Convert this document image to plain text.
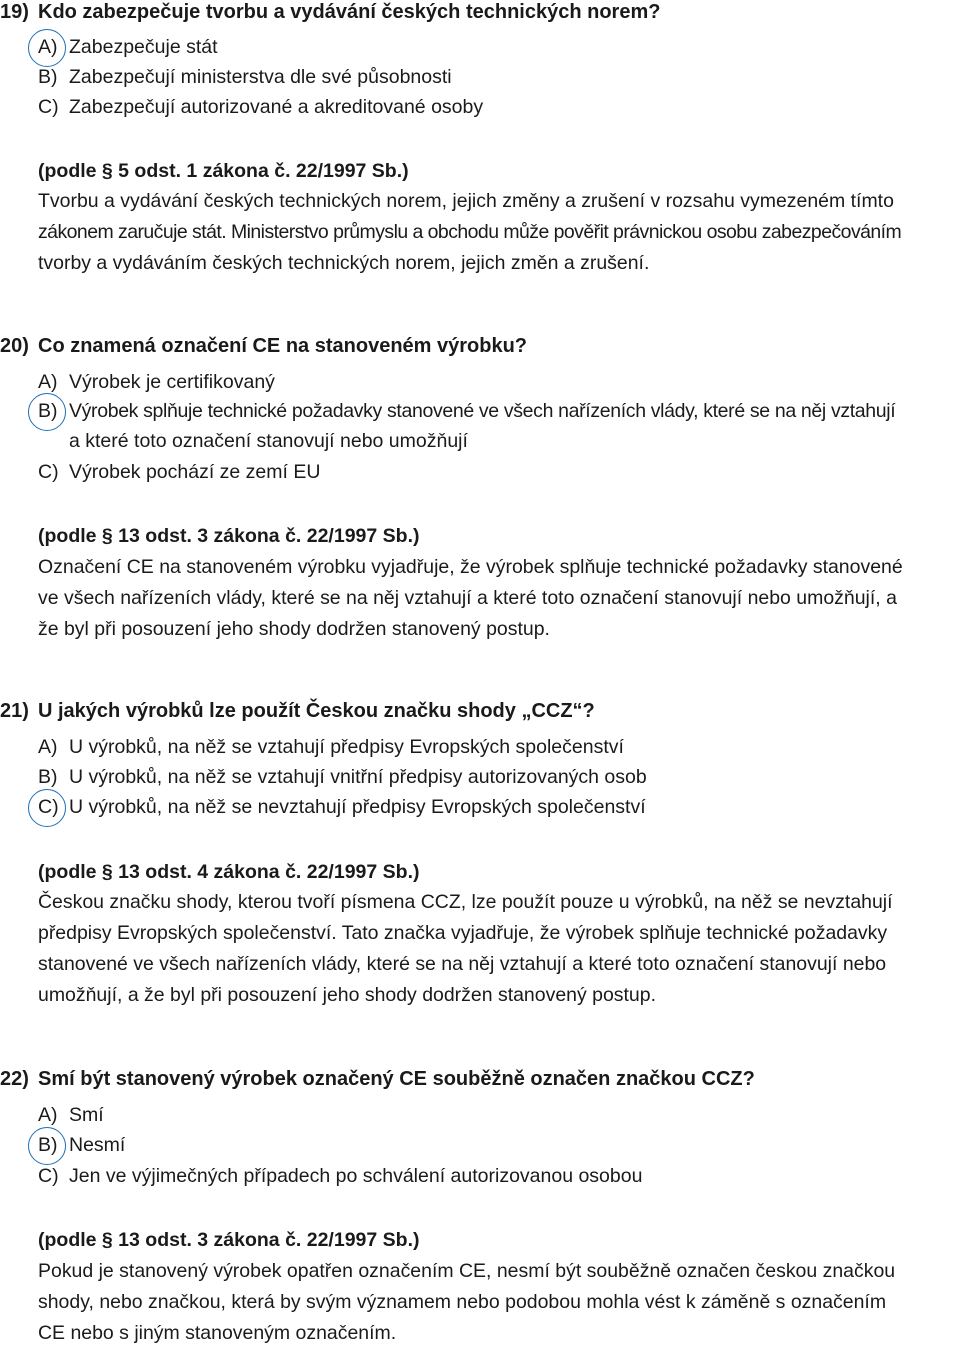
19) Kdo zabezpečuje tvorbu a vydávání českých technických norem?
A) Zabezpečuje stát
B) Zabezpečují ministerstva dle své působnosti
C) Zabezpečují autorizované a akreditované osoby
(podle § 5 odst. 1 zákona č. 22/1997 Sb.)
Tvorbu a vydávání českých technických norem, jejich změny a zrušení v rozsahu vymezeném tímto
zákonem zaručuje stát. Ministerstvo průmyslu a obchodu může pověřit právnickou osobu zabezpečováním
tvorby a vydáváním českých technických norem, jejich změn a zrušení.
20) Co znamená označení CE na stanoveném výrobku?
A) Výrobek je certifikovaný
B) Výrobek splňuje technické požadavky stanovené ve všech nařízeních vlády, které se na něj vztahují
a které toto označení stanovují nebo umožňují
C) Výrobek pochází ze zemí EU
(podle § 13 odst. 3 zákona č. 22/1997 Sb.)
Označení CE na stanoveném výrobku vyjadřuje, že výrobek splňuje technické požadavky stanovené
ve všech nařízeních vlády, které se na něj vztahují a které toto označení stanovují nebo umožňují, a
že byl při posouzení jeho shody dodržen stanovený postup.
21) U jakých výrobků lze použít Českou značku shody „CCZ“?
A) U výrobků, na něž se vztahují předpisy Evropských společenství
B) U výrobků, na něž se vztahují vnitřní předpisy autorizovaných osob
C) U výrobků, na něž se nevztahují předpisy Evropských společenství
(podle § 13 odst. 4 zákona č. 22/1997 Sb.)
Českou značku shody, kterou tvoří písmena CCZ, lze použít pouze u výrobků, na něž se nevztahují
předpisy Evropských společenství. Tato značka vyjadřuje, že výrobek splňuje technické požadavky
stanovené ve všech nařízeních vlády, které se na něj vztahují a které toto označení stanovují nebo
umožňují, a že byl při posouzení jeho shody dodržen stanovený postup.
22) Smí být stanovený výrobek označený CE souběžně označen značkou CCZ?
A) Smí
B) Nesmí
C) Jen ve výjimečných případech po schválení autorizovanou osobou
(podle § 13 odst. 3 zákona č. 22/1997 Sb.)
Pokud je stanovený výrobek opatřen označením CE, nesmí být souběžně označen českou značkou
shody, nebo značkou, která by svým významem nebo podobou mohla vést k záměně s označením
CE nebo s jiným stanoveným označením.
